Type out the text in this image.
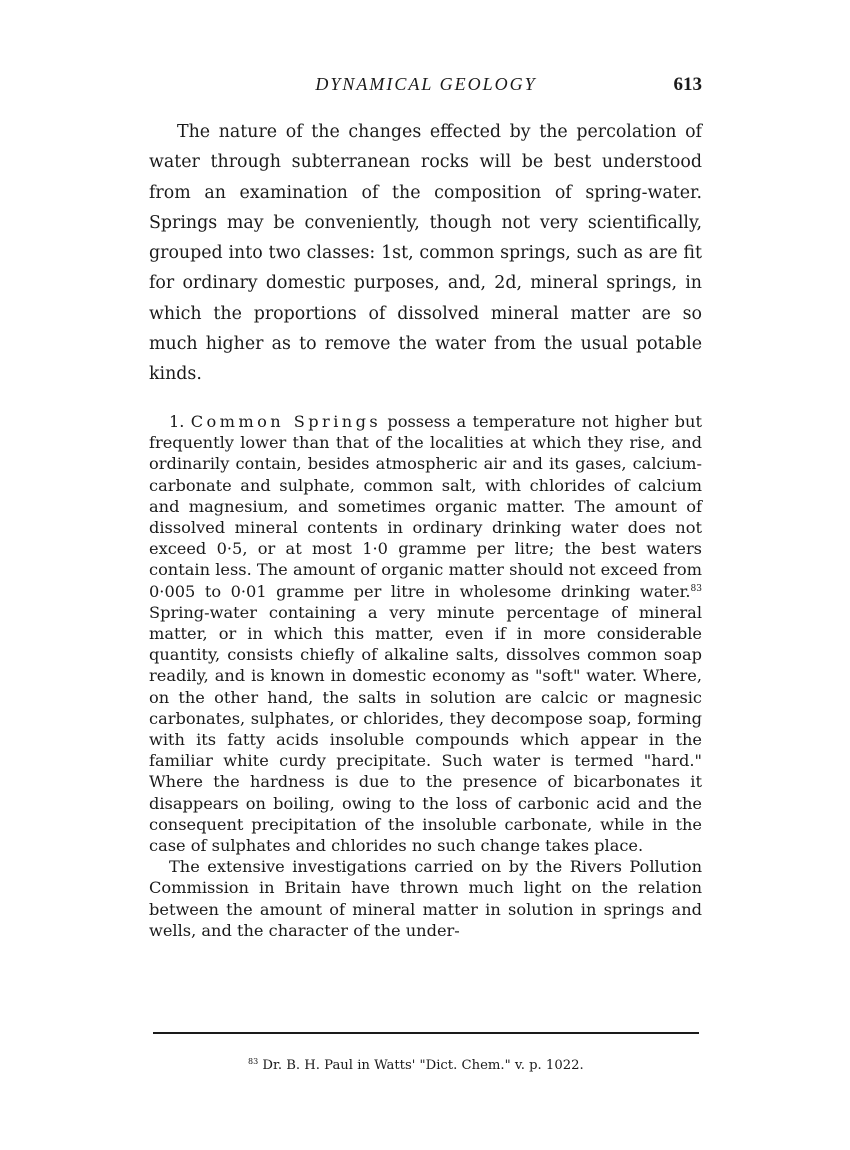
DYNAMICAL GEOLOGY	613

The nature of the changes effected by the percolation of water through subterranean rocks will be best understood from an examination of the composition of spring-water. Springs may be conveniently, though not very scientifically, grouped into two classes: 1st, common springs, such as are fit for ordinary domestic purposes, and, 2d, mineral springs, in which the proportions of dissolved mineral matter are so much higher as to remove the water from the usual potable kinds.

1. Common Springs possess a temperature not higher but frequently lower than that of the localities at which they rise, and ordinarily contain, besides atmospheric air and its gases, calcium-carbonate and sulphate, common salt, with chlorides of calcium and magnesium, and sometimes organic matter. The amount of dissolved mineral contents in ordinary drinking water does not exceed 0·5, or at most 1·0 gramme per litre; the best waters contain less. The amount of organic matter should not exceed from 0·005 to 0·01 gramme per litre in wholesome drinking water.$^{83}$ Spring-water containing a very minute percentage of mineral matter, or in which this matter, even if in more considerable quantity, consists chiefly of alkaline salts, dissolves common soap readily, and is known in domestic economy as "soft" water. Where, on the other hand, the salts in solution are calcic or magnesic carbonates, sulphates, or chlorides, they decompose soap, forming with its fatty acids insoluble compounds which appear in the familiar white curdy precipitate. Such water is termed "hard." Where the hardness is due to the presence of bicarbonates it disappears on boiling, owing to the loss of carbonic acid and the consequent precipitation of the insoluble carbonate, while in the case of sulphates and chlorides no such change takes place.

The extensive investigations carried on by the Rivers Pollution Commission in Britain have thrown much light on the relation between the amount of mineral matter in solution in springs and wells, and the character of the under-

$^{83}$ Dr. B. H. Paul in Watts' "Dict. Chem." v. p. 1022.
